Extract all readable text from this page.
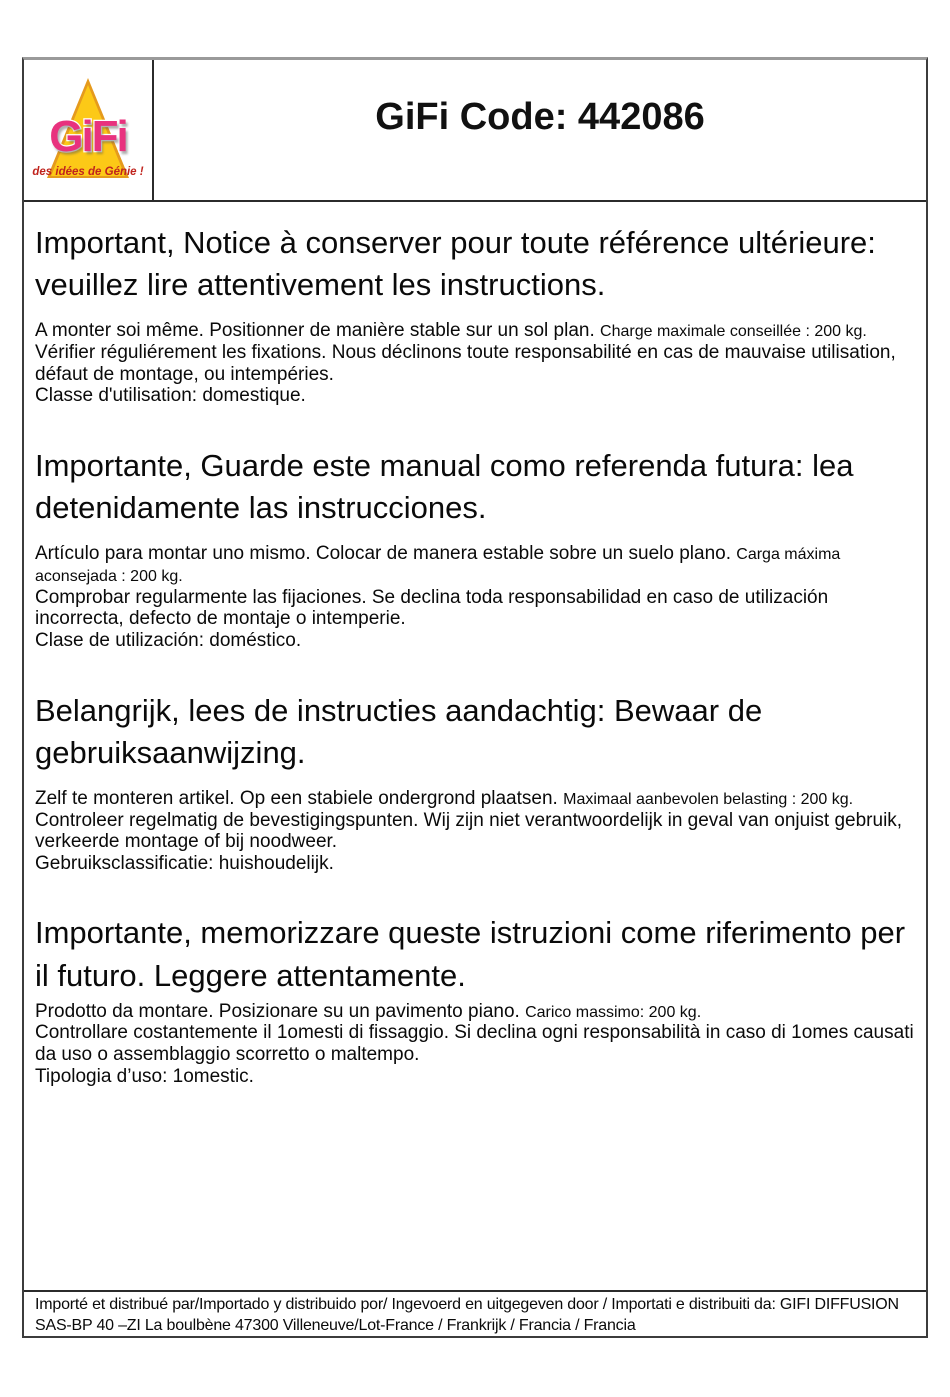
GiFi
des idées de Génie !
GiFi Code: 442086
Important, Notice à conserver pour toute référence ultérieure: veuillez lire attentivement les instructions.

A monter soi même. Positionner de manière stable sur un sol plan. Charge maximale conseillée : 200 kg.

Vérifier réguliérement les fixations. Nous déclinons toute responsabilité en cas de mauvaise utilisation, défaut de montage, ou intempéries.

Classe d'utilisation: domestique.

Importante, Guarde este manual como referenda futura: lea detenidamente las instrucciones.

Artículo para montar uno mismo. Colocar de manera estable sobre un suelo plano. Carga máxima aconsejada : 200 kg.

Comprobar regularmente las fijaciones. Se declina toda responsabilidad en caso de utilización incorrecta, defecto de montaje o intemperie.

Clase de utilización: doméstico.

Belangrijk, lees de instructies aandachtig: Bewaar de gebruiksaanwijzing.

Zelf te monteren artikel. Op een stabiele ondergrond plaatsen. Maximaal aanbevolen belasting : 200 kg.

Controleer regelmatig de bevestigingspunten. Wij zijn niet verantwoordelijk in geval van onjuist gebruik, verkeerde montage of bij noodweer.

Gebruiksclassificatie: huishoudelijk.

Importante, memorizzare queste istruzioni come riferimento per il futuro. Leggere attentamente.

Prodotto da montare. Posizionare su un pavimento piano. Carico massimo: 200 kg.

Controllare costantemente il 1omesti di fissaggio. Si declina ogni responsabilità in caso di 1omes causati da uso o assemblaggio scorretto o maltempo.

Tipologia d’uso: 1omestic.

Importé et distribué par/Importado y distribuido por/ Ingevoerd en uitgegeven door / Importati e distribuiti da: GIFI DIFFUSION SAS-BP 40 –ZI La boulbène 47300 Villeneuve/Lot-France / Frankrijk / Francia / Francia
